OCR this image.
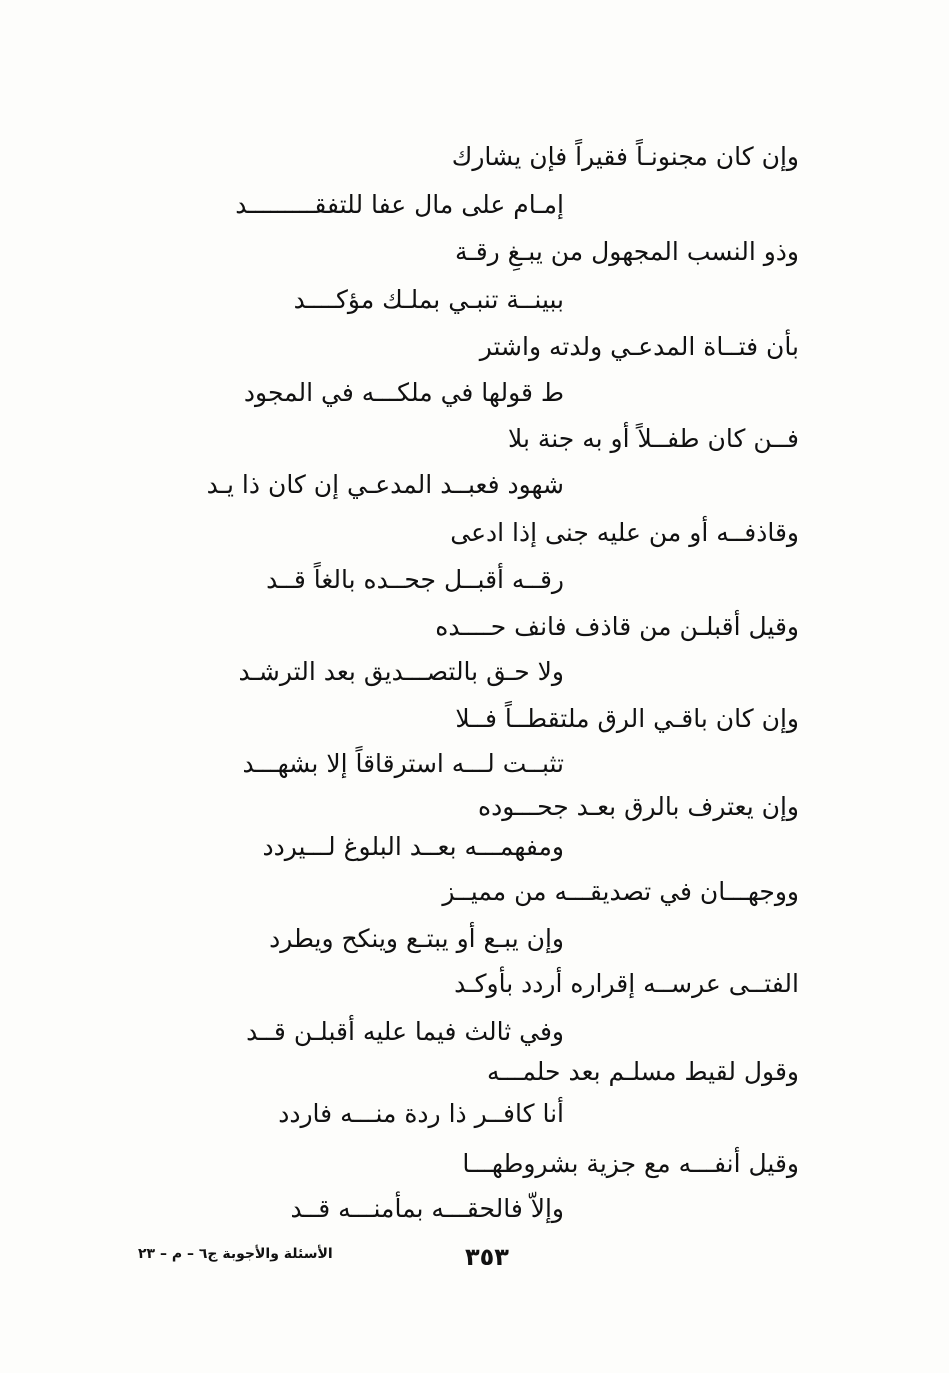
وإن كان مجنونـاً فقيراً فإن يشارك

إمـام على مال عفا للتفقـــــــــد

وذو النسب المجهول من يبـغِ رقـة

ببينــة تنبـي بملـك مؤكــــد

بأن فتــاة المدعـي ولدته واشتر

ط قولها في ملكـــه في المجود

فــن كان طفــلاً أو به جنة بلا

شهود فعبــد المدعـي إن كان ذا يـد

وقاذفــه أو من عليه جنى إذا ادعى

رقــه أقبــل جحــده بالغاً قــد

وقيل أقبلـن من قاذف فانف حــــده

ولا حـق بالتصـــديق بعد الترشـد

وإن كان باقـي الرق ملتقطــاً فــلا

تثبــت لـــه استرقاقاً إلا بشهـــد

وإن يعترف بالرق بعـد جحـــوده

ومفهمـــه بعــد البلوغ لـــيردد

ووجهـــان في تصديقـــه من مميــز

وإن يبـع أو يبتـع وينكح ويطرد

الفتــى عرســه إقراره أردد بأوكـد

وفي ثالث فيما عليه أقبلـن قــد

وقول لقيط مسلـم بعد حلمـــه

أنا كافــر ذا ردة منـــه فاردد

وقيل أنفـــه مع جزية بشروطهـــا

وإلاّ فالحقـــه بمأمنـــه قــد

الأسئلة والأجوبة ج٦ – م – ٢٣	٣٥٣
